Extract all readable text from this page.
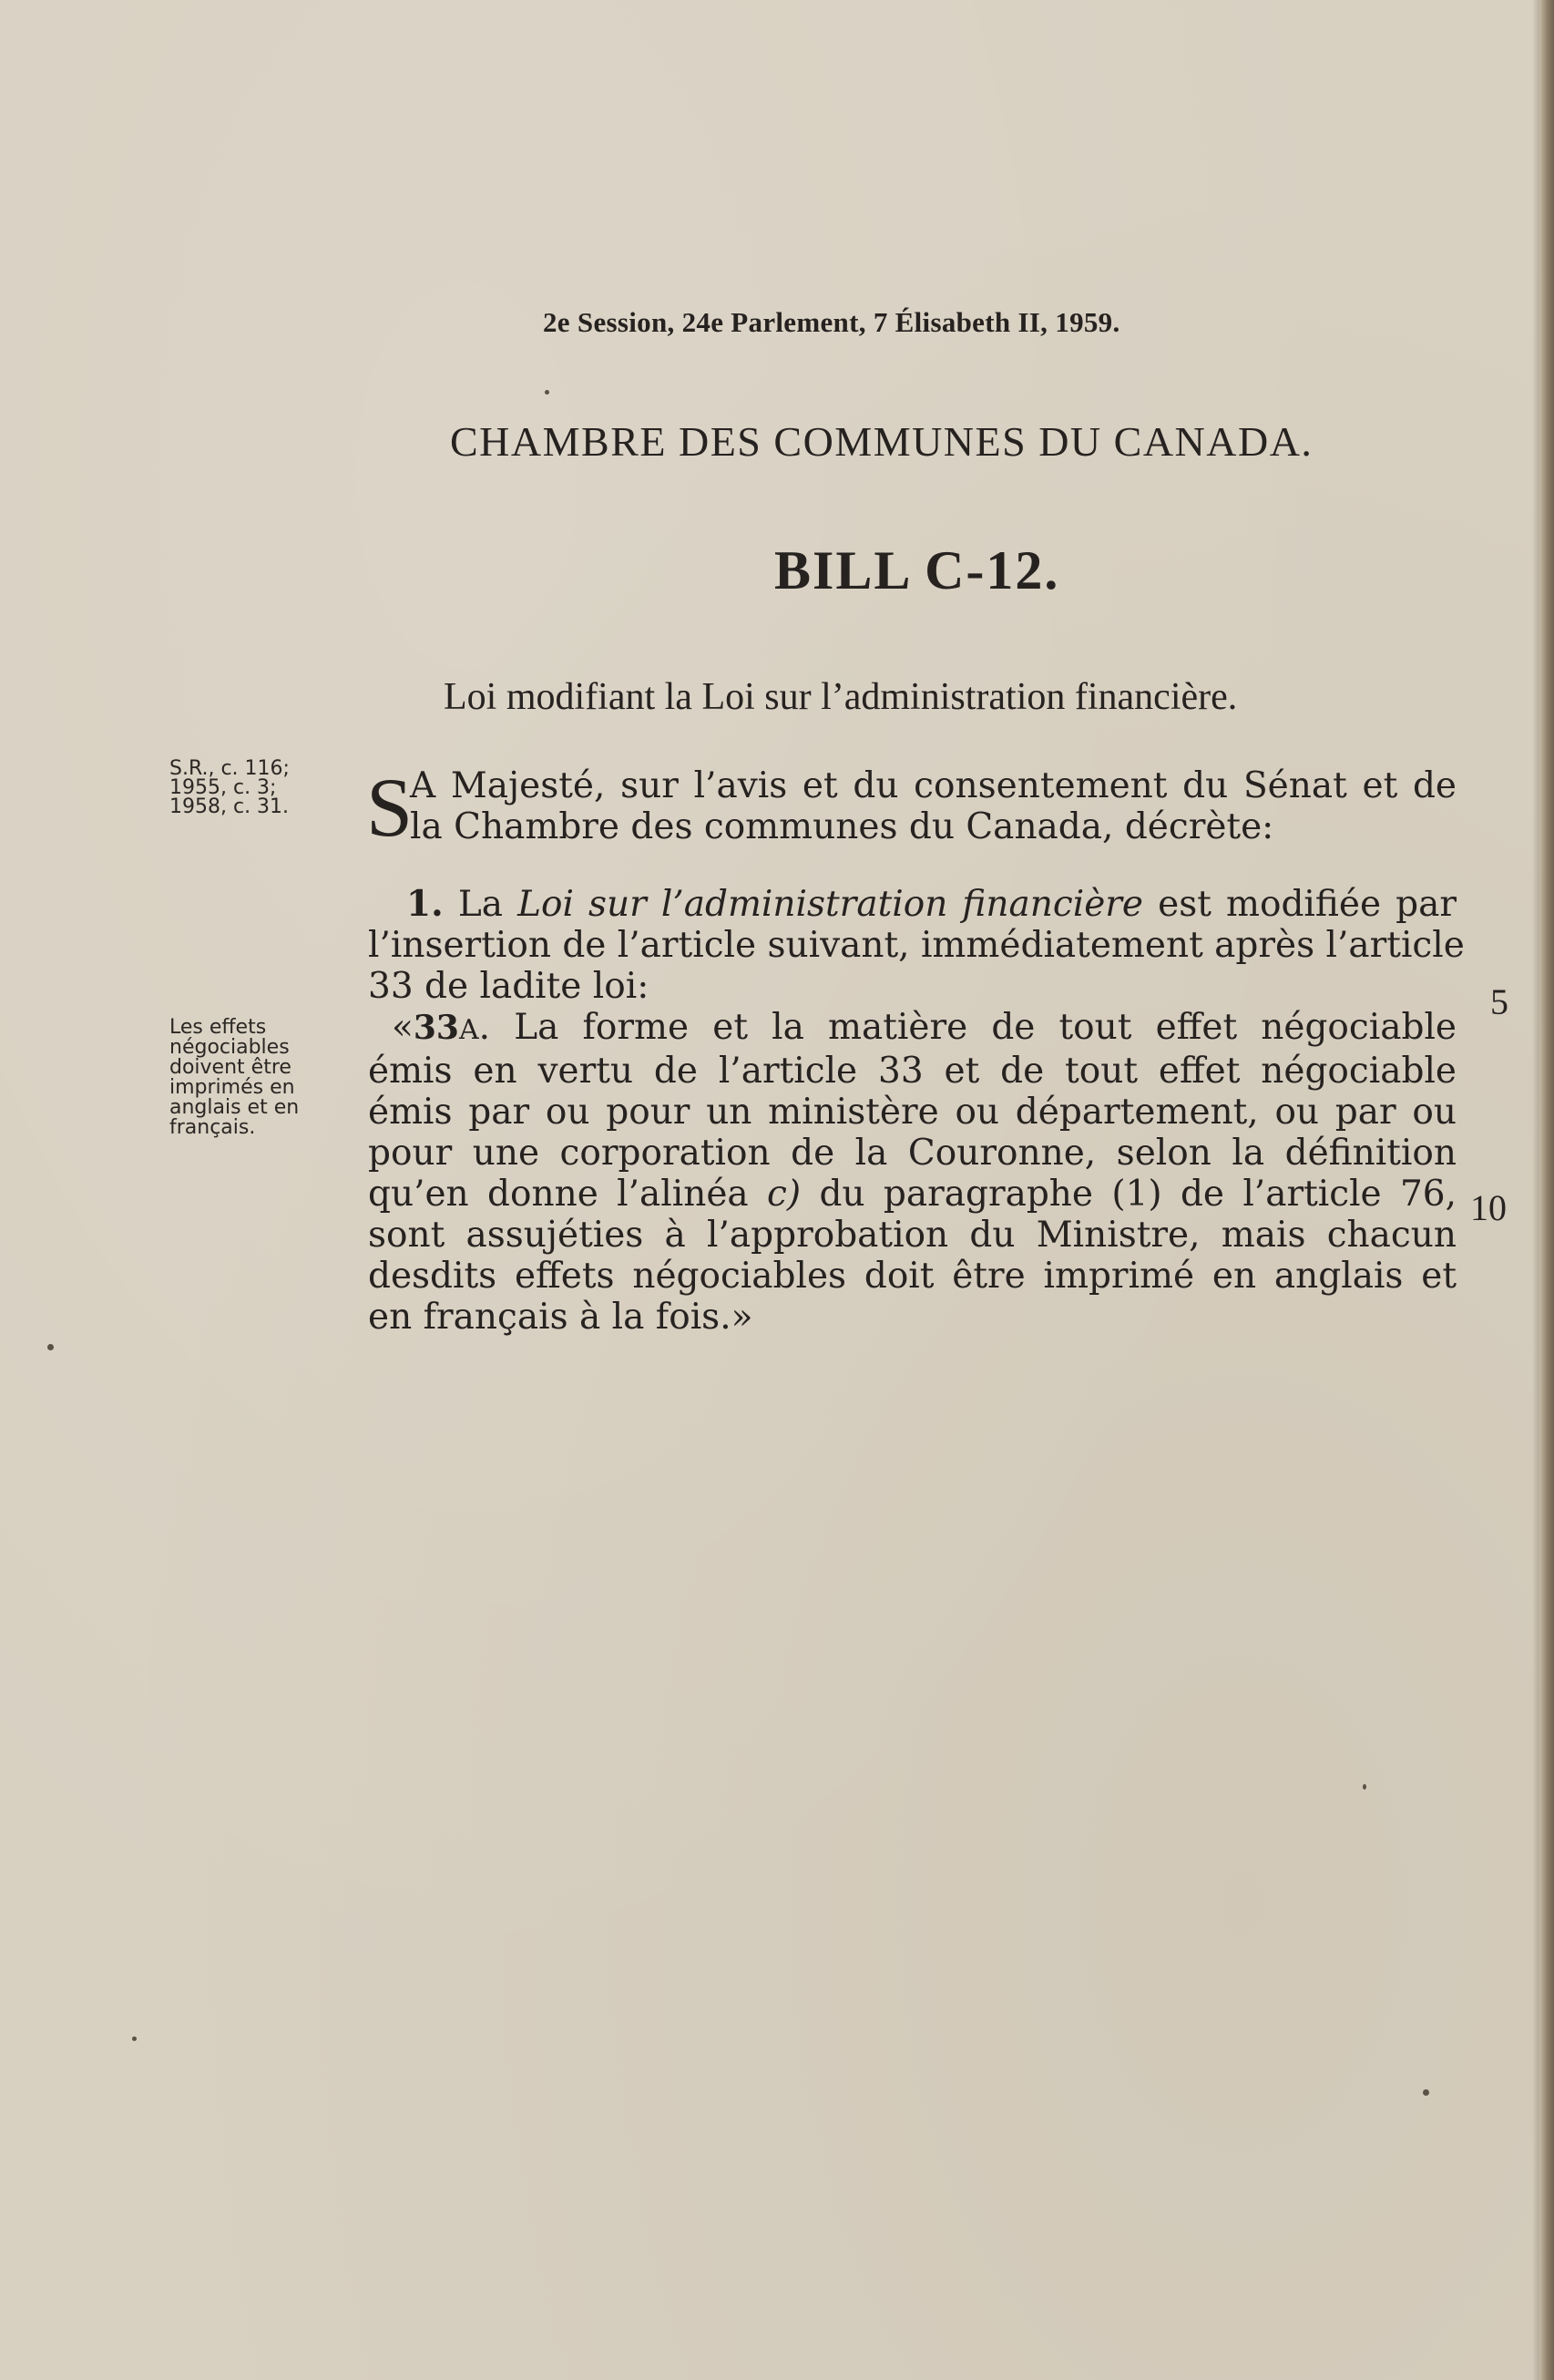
2e Session, 24e Parlement, 7 Élisabeth II, 1959.
CHAMBRE DES COMMUNES DU CANADA.
BILL C-12.
Loi modifiant la Loi sur l’administration financière.
S.R., c. 116;
1955, c. 3;
1958, c. 31.
Les effets
négociables
doivent être
imprimés en
anglais et en
français.
S
A Majesté, sur l’avis et du consentement du Sénat et de
la Chambre des communes du Canada, décrète:
1. La Loi sur l’administration financière est modifiée par
l’insertion de l’article suivant, immédiatement après l’article
33 de ladite loi:
«33A. La forme et la matière de tout effet négociable
émis en vertu de l’article 33 et de tout effet négociable
émis par ou pour un ministère ou département, ou par ou
pour une corporation de la Couronne, selon la définition
qu’en donne l’alinéa c) du paragraphe (1) de l’article 76,
sont assujéties à l’approbation du Ministre, mais chacun
desdits effets négociables doit être imprimé en anglais et
en français à la fois.»
5
10
